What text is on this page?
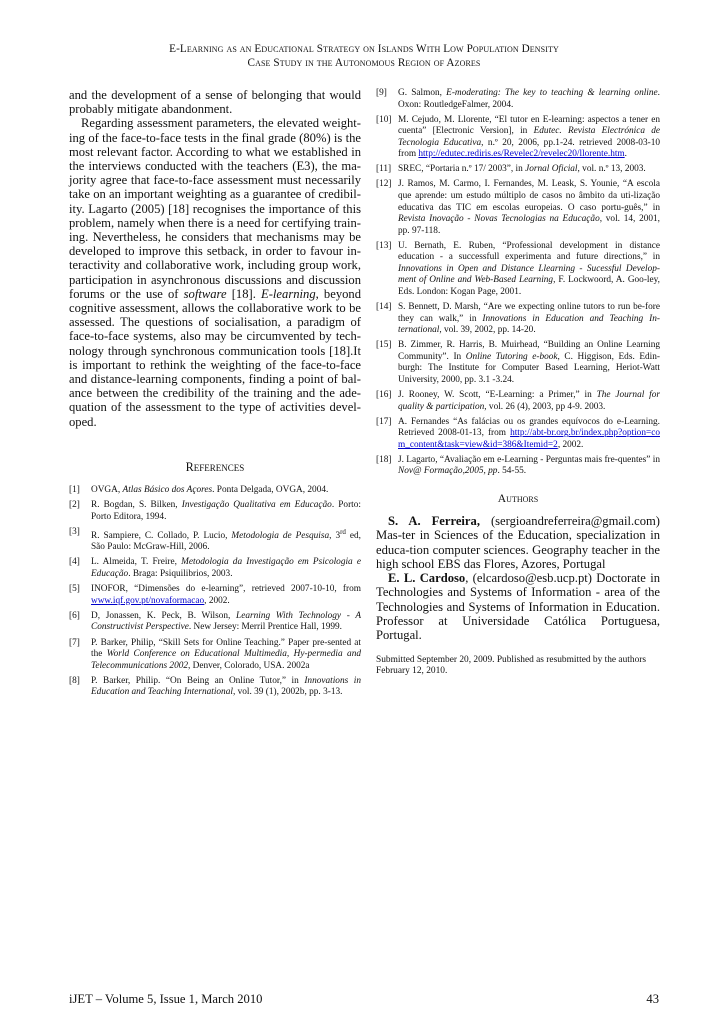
E-Learning as an Educational Strategy on Islands With Low Population Density
Case Study in the Autonomous Region of Azores

and the development of a sense of belonging that would probably mitigate abandonment.

Regarding assessment parameters, the elevated weight-ing of the face-to-face tests in the final grade (80%) is the most relevant factor. According to what we established in the interviews conducted with the teachers (E3), the ma-jority agree that face-to-face assessment must necessarily take on an important weighting as a guarantee of credibil-ity. Lagarto (2005) [18] recognises the importance of this problem, namely when there is a need for certifying train-ing. Nevertheless, he considers that mechanisms may be developed to improve this setback, in order to favour in-teractivity and collaborative work, including group work, participation in asynchronous discussions and discussion forums or the use of software [18]. E-learning, beyond cognitive assessment, allows the collaborative work to be assessed. The questions of socialisation, a paradigm of face-to-face systems, also may be circumvented by tech-nology through synchronous communication tools [18].It is important to rethink the weighting of the face-to-face and distance-learning components, finding a point of bal-ance between the credibility of the training and the ade-quation of the assessment to the type of activities devel-oped.

References
[1]	OVGA, Atlas Básico dos Açores. Ponta Delgada, OVGA, 2004.
[2]	R. Bogdan, S. Bilken, Investigação Qualitativa em Educação. Porto: Porto Editora, 1994.
[3]	R. Sampiere, C. Collado, P. Lucio, Metodologia de Pesquisa, 3rd ed, São Paulo: McGraw-Hill, 2006.
[4]	L. Almeida, T. Freire, Metodologia da Investigação em Psicologia e Educação. Braga: Psiquilibrios, 2003.
[5]	INOFOR, “Dimensões do e-learning”, retrieved 2007-10-10, from www.iqf.gov.pt/novaformacao, 2002.
[6]	D, Jonassen, K. Peck, B. Wilson, Learning With Technology - A Constructivist Perspective. New Jersey: Merril Prentice Hall, 1999.
[7]	P. Barker, Philip, “Skill Sets for Online Teaching.” Paper pre-sented at the World Conference on Educational Multimedia, Hy-permedia and Telecommunications 2002, Denver, Colorado, USA. 2002a
[8]	P. Barker, Philip. “On Being an Online Tutor,” in Innovations in Education and Teaching International, vol. 39 (1), 2002b, pp. 3-13.
[9]	G. Salmon, E-moderating: The key to teaching & learning online. Oxon: RoutledgeFalmer, 2004.
[10] M. Cejudo, M. Llorente, “El tutor en E-learning: aspectos a tener en cuenta” [Electronic Version], in Edutec. Revista Electrónica de Tecnologia Educativa, n.º 20, 2006, pp.1-24. retrieved 2008-03-10 from http://edutec.rediris.es/Revelec2/revelec20/llorente.htm.
[11] SREC, “Portaria n.º 17/ 2003”, in Jornal Oficial, vol. n.º 13, 2003.
[12] J. Ramos, M. Carmo, I. Fernandes, M. Leask, S. Younie, “A escola que aprende: um estudo múltiplo de casos no âmbito da uti-lização educativa das TIC em escolas europeias. O caso portu-guês,” in Revista Inovação - Novas Tecnologias na Educação, vol. 14, 2001, pp. 97-118.
[13] U. Bernath, E. Ruben, “Professional development in distance education - a successfull experimenta and future directions,” in Innovations in Open and Distance Llearning - Sucessful Develop-ment of Online and Web-Based Learning, F. Lockwoord, A. Goo-ley, Eds. London: Kogan Page, 2001.
[14] S. Bennett, D. Marsh, “Are we expecting online tutors to run be-fore they can walk,” in Innovations in Education and Teaching In-ternational, vol. 39, 2002, pp. 14-20.
[15] B. Zimmer, R. Harris, B. Muirhead, “Building an Online Learning Community”. In Online Tutoring e-book, C. Higgison, Eds. Edin-burgh: The Institute for Computer Based Learning, Heriot-Watt University, 2000, pp. 3.1 -3.24.
[16] J. Rooney, W. Scott, “E-Learning: a Primer,” in The Journal for quality & participation, vol. 26 (4), 2003, pp 4-9. 2003.
[17] A. Fernandes “As falácias ou os grandes equívocos do e-Learning. Retrieved 2008-01-13, from http://abt-br.org.br/index.php?option=com_content&task=view&id=386&Itemid=2, 2002.
[18] J. Lagarto, “Avaliação em e-Learning - Perguntas mais fre-quentes” in Nov@ Formação,2005, pp. 54-55.
Authors

S. A. Ferreira, (sergioandreferreira@gmail.com) Mas-ter in Sciences of the Education, specialization in educa-tion computer sciences. Geography teacher in the high school EBS das Flores, Azores, Portugal

E. L. Cardoso, (elcardoso@esb.ucp.pt) Doctorate in Technologies and Systems of Information - area of the Technologies and Systems of Information in Education. Professor at Universidade Católica Portuguesa, Portugal.

Submitted September 20, 2009. Published as resubmitted by the authors February 12, 2010.

iJET – Volume 5, Issue 1, March 2010	43
